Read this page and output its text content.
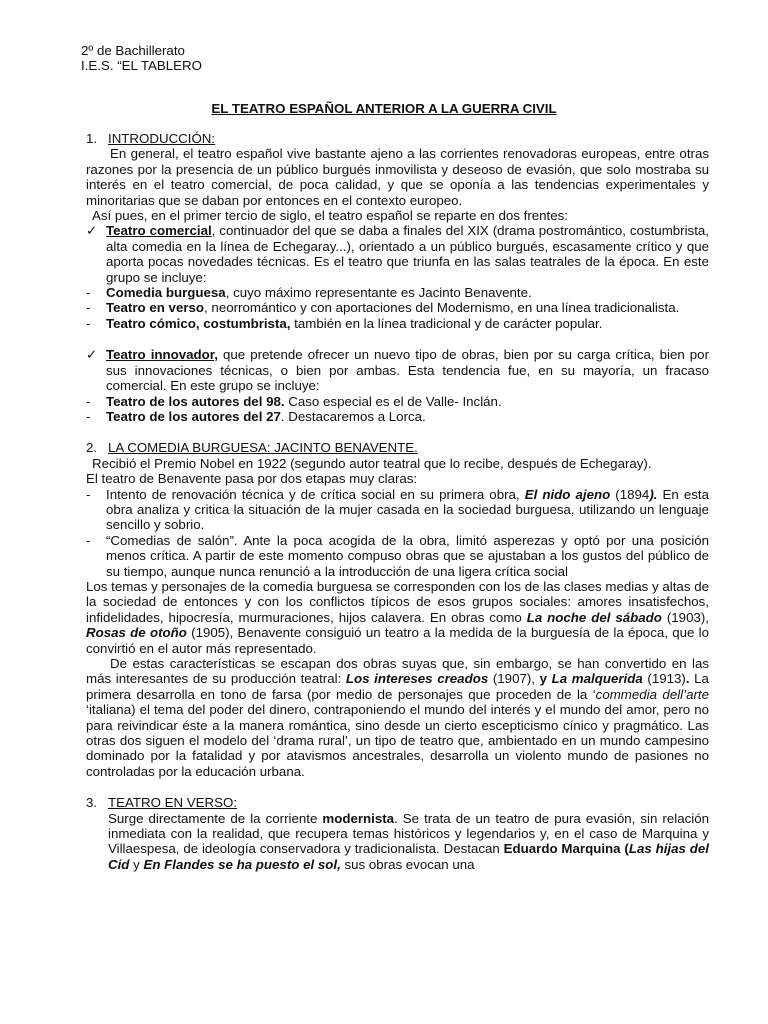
2º de Bachillerato
I.E.S. “EL TABLERO
EL TEATRO ESPAÑOL ANTERIOR A LA GUERRA CIVIL
1. INTRODUCCIÓN:

En general, el teatro español vive bastante ajeno a las corrientes renovadoras europeas, entre otras razones por la presencia de un público burgués inmovilista y deseoso de evasión, que solo mostraba su interés en el teatro comercial, de poca calidad, y que se oponía a las tendencias experimentales y minoritarias que se daban por entonces en el contexto europeo.

Así pues, en el primer tercio de siglo, el teatro español se reparte en dos frentes:

✓ Teatro comercial, continuador del que se daba a finales del XIX (drama postromántico, costumbrista, alta comedia en la línea de Echegaray...), orientado a un público burgués, escasamente crítico y que aporta pocas novedades técnicas. Es el teatro que triunfa en las salas teatrales de la época. En este grupo se incluye:
- Comedia burguesa, cuyo máximo representante es Jacinto Benavente.
- Teatro en verso, neorromántico y con aportaciones del Modernismo, en una línea tradicionalista.
- Teatro cómico, costumbrista, también en la línea tradicional y de carácter popular.
✓ Teatro innovador, que pretende ofrecer un nuevo tipo de obras, bien por su carga crítica, bien por sus innovaciones técnicas, o bien por ambas. Esta tendencia fue, en su mayoría, un fracaso comercial. En este grupo se incluye:
- Teatro de los autores del 98. Caso especial es el de Valle- Inclán.
- Teatro de los autores del 27. Destacaremos a Lorca.
2. LA COMEDIA BURGUESA: JACINTO BENAVENTE.

Recibió el Premio Nobel en 1922 (segundo autor teatral que lo recibe, después de Echegaray).

El teatro de Benavente pasa por dos etapas muy claras:

- Intento de renovación técnica y de crítica social en su primera obra, El nido ajeno (1894). En esta obra analiza y critica la situación de la mujer casada en la sociedad burguesa, utilizando un lenguaje sencillo y sobrio.
- “Comedias de salón”. Ante la poca acogida de la obra, limitó asperezas y optó por una posición menos crítica. A partir de este momento compuso obras que se ajustaban a los gustos del público de su tiempo, aunque nunca renunció a la introducción de una ligera crítica social

Los temas y personajes de la comedia burguesa se corresponden con los de las clases medias y altas de la sociedad de entonces y con los conflictos típicos de esos grupos sociales: amores insatisfechos, infidelidades, hipocresía, murmuraciones, hijos calavera. En obras como La noche del sábado (1903), Rosas de otoño (1905), Benavente consiguió un teatro a la medida de la burguesía de la época, que lo convirtió en el autor más representado.

De estas características se escapan dos obras suyas que, sin embargo, se han convertido en las más interesantes de su producción teatral: Los intereses creados (1907), y La malquerida (1913). La primera desarrolla en tono de farsa (por medio de personajes que proceden de la ‘commedia dell’arte ‘italiana) el tema del poder del dinero, contraponiendo el mundo del interés y el mundo del amor, pero no para reivindicar éste a la manera romántica, sino desde un cierto escepticismo cínico y pragmático. Las otras dos siguen el modelo del ‘drama rural’, un tipo de teatro que, ambientado en un mundo campesino dominado por la fatalidad y por atavismos ancestrales, desarrolla un violento mundo de pasiones no controladas por la educación urbana.

3. TEATRO EN VERSO:

Surge directamente de la corriente modernista. Se trata de un teatro de pura evasión, sin relación inmediata con la realidad, que recupera temas históricos y legendarios y, en el caso de Marquina y Villaespesa, de ideología conservadora y tradicionalista. Destacan Eduardo Marquina (Las hijas del Cid y En Flandes se ha puesto el sol, sus obras evocan una
